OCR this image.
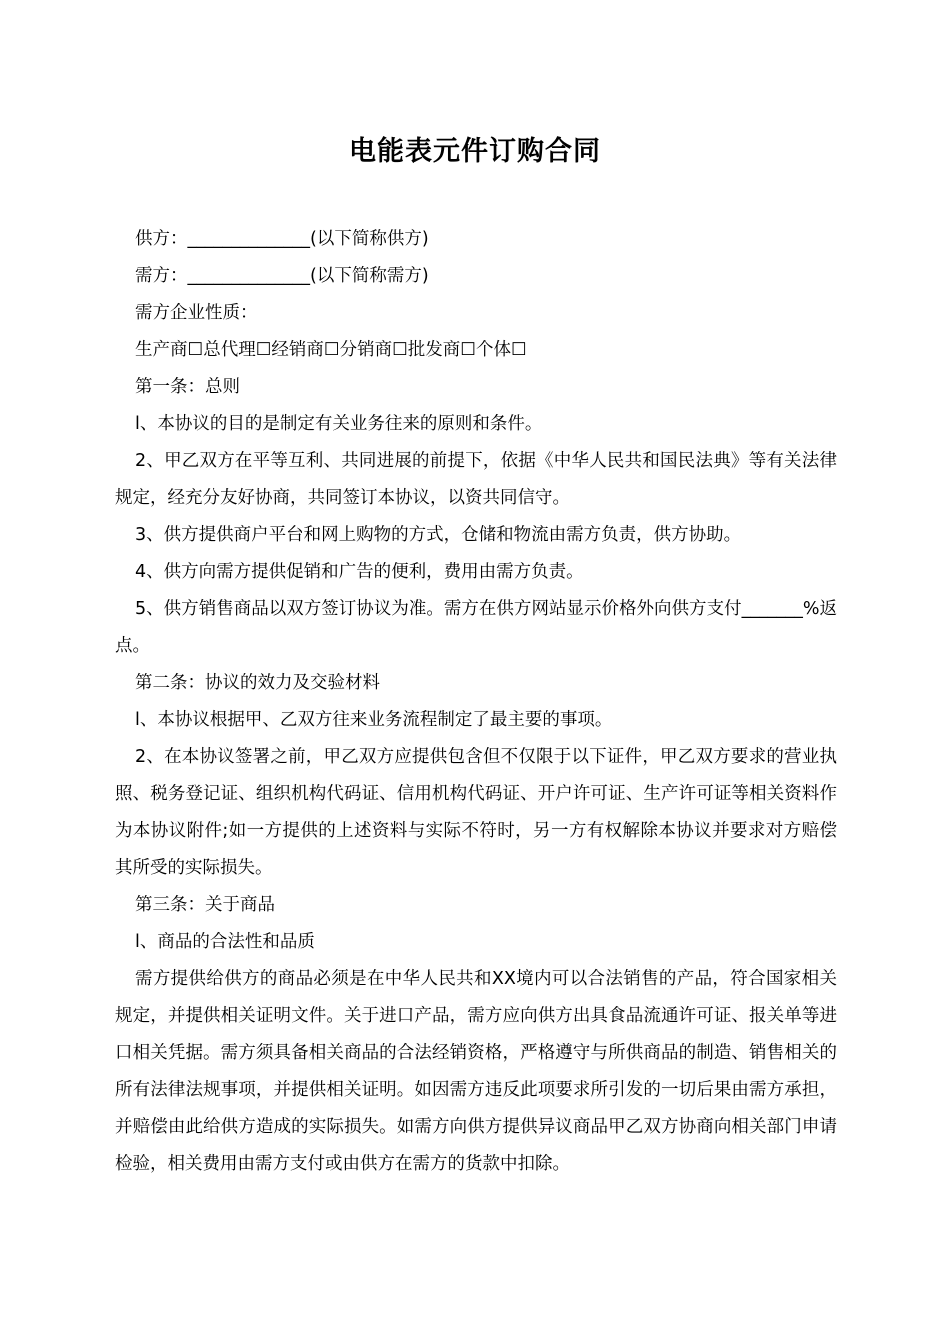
电能表元件订购合同

供方：______________(以下简称供方)

需方：______________(以下简称需方)

需方企业性质：

生产商☐总代理☐经销商☐分销商☐批发商☐个体☐

第一条：总则

l、本协议的目的是制定有关业务往来的原则和条件。

2、甲乙双方在平等互利、共同进展的前提下，依据《中华人民共和国民法典》等有关法律规定，经充分友好协商，共同签订本协议，以资共同信守。

3、供方提供商户平台和网上购物的方式，仓储和物流由需方负责，供方协助。

4、供方向需方提供促销和广告的便利，费用由需方负责。

5、供方销售商品以双方签订协议为准。需方在供方网站显示价格外向供方支付_______%返点。

第二条：协议的效力及交验材料

l、本协议根据甲、乙双方往来业务流程制定了最主要的事项。

2、在本协议签署之前，甲乙双方应提供包含但不仅限于以下证件，甲乙双方要求的营业执照、税务登记证、组织机构代码证、信用机构代码证、开户许可证、生产许可证等相关资料作为本协议附件;如一方提供的上述资料与实际不符时，另一方有权解除本协议并要求对方赔偿其所受的实际损失。

第三条：关于商品

l、商品的合法性和品质

需方提供给供方的商品必须是在中华人民共和XX境内可以合法销售的产品，符合国家相关规定，并提供相关证明文件。关于进口产品，需方应向供方出具食品流通许可证、报关单等进口相关凭据。需方须具备相关商品的合法经销资格，严格遵守与所供商品的制造、销售相关的所有法律法规事项，并提供相关证明。如因需方违反此项要求所引发的一切后果由需方承担，并赔偿由此给供方造成的实际损失。如需方向供方提供异议商品甲乙双方协商向相关部门申请检验，相关费用由需方支付或由供方在需方的货款中扣除。
